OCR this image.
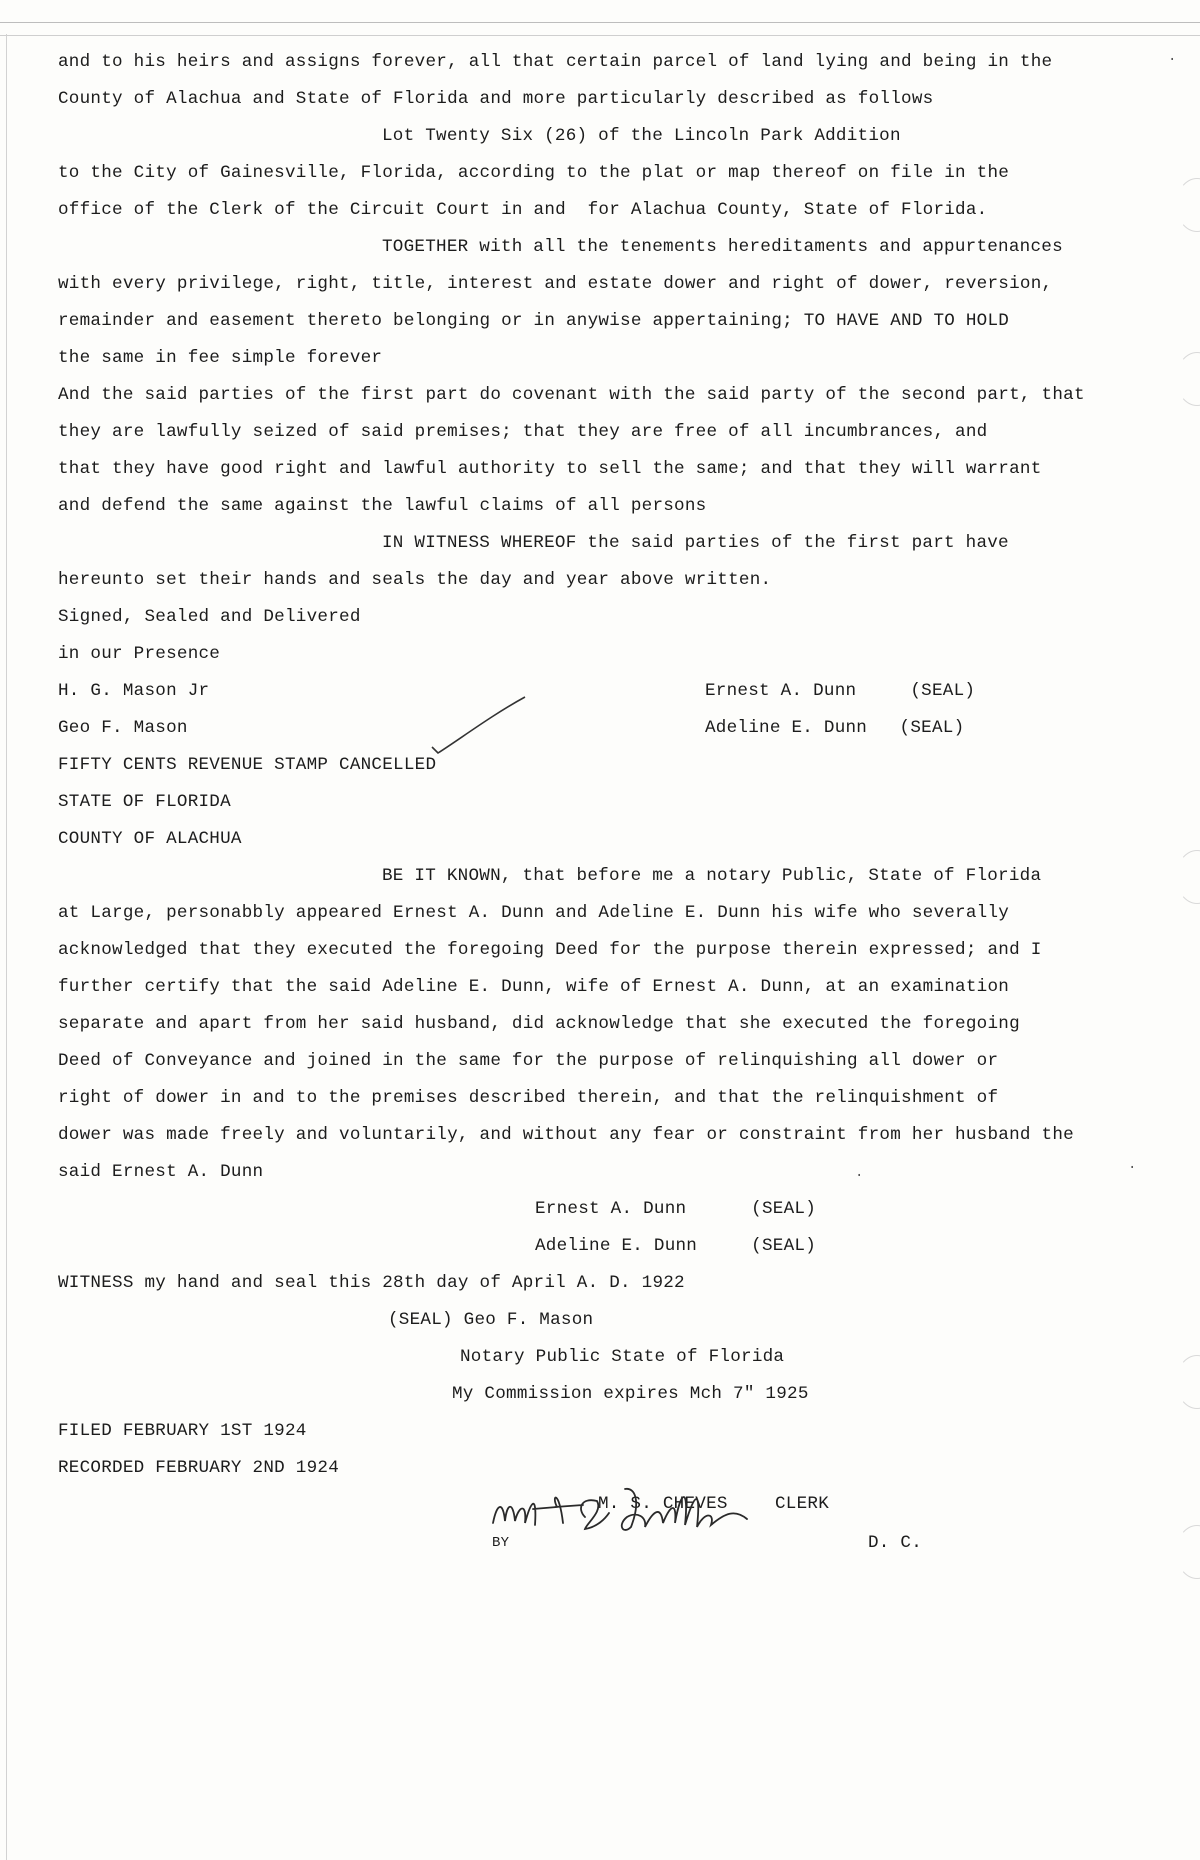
and to his heirs and assigns forever, all that certain parcel of land lying and being in the
County of Alachua and State of Florida and more particularly described as follows
Lot Twenty Six (26) of the Lincoln Park Addition
to the City of Gainesville, Florida, according to the plat or map thereof on file in the
office of the Clerk of the Circuit Court in and  for Alachua County, State of Florida.
TOGETHER with all the tenements hereditaments and appurtenances
with every privilege, right, title, interest and estate dower and right of dower, reversion,
remainder and easement thereto belonging or in anywise appertaining; TO HAVE AND TO HOLD
the same in fee simple forever
And the said parties of the first part do covenant with the said party of the second part, that
they are lawfully seized of said premises; that they are free of all incumbrances, and
that they have good right and lawful authority to sell the same; and that they will warrant
and defend the same against the lawful claims of all persons
IN WITNESS WHEREOF the said parties of the first part have
hereunto set their hands and seals the day and year above written.
Signed, Sealed and Delivered
in our Presence
H. G. Mason Jr	Ernest A. Dunn     (SEAL)
Geo F. Mason	Adeline E. Dunn   (SEAL)
FIFTY CENTS REVENUE STAMP CANCELLED
STATE OF FLORIDA
COUNTY OF ALACHUA
BE IT KNOWN, that before me a notary Public, State of Florida
at Large, personabbly appeared Ernest A. Dunn and Adeline E. Dunn his wife who severally
acknowledged that they executed the foregoing Deed for the purpose therein expressed; and I
further certify that the said Adeline E. Dunn, wife of Ernest A. Dunn, at an examination
separate and apart from her said husband, did acknowledge that she executed the foregoing
Deed of Conveyance and joined in the same for the purpose of relinquishing all dower or
right of dower in and to the premises described therein, and that the relinquishment of
dower was made freely and voluntarily, and without any fear or constraint from her husband the
said Ernest A. Dunn
Ernest A. Dunn      (SEAL)
Adeline E. Dunn     (SEAL)
WITNESS my hand and seal this 28th day of April A. D. 1922
(SEAL) Geo F. Mason
Notary Public State of Florida
My Commission expires Mch 7" 1925
FILED FEBRUARY 1ST 1924
RECORDED FEBRUARY 2ND 1924
M. S. CHEVES	CLERK
BY	D. C.
·
·	·
